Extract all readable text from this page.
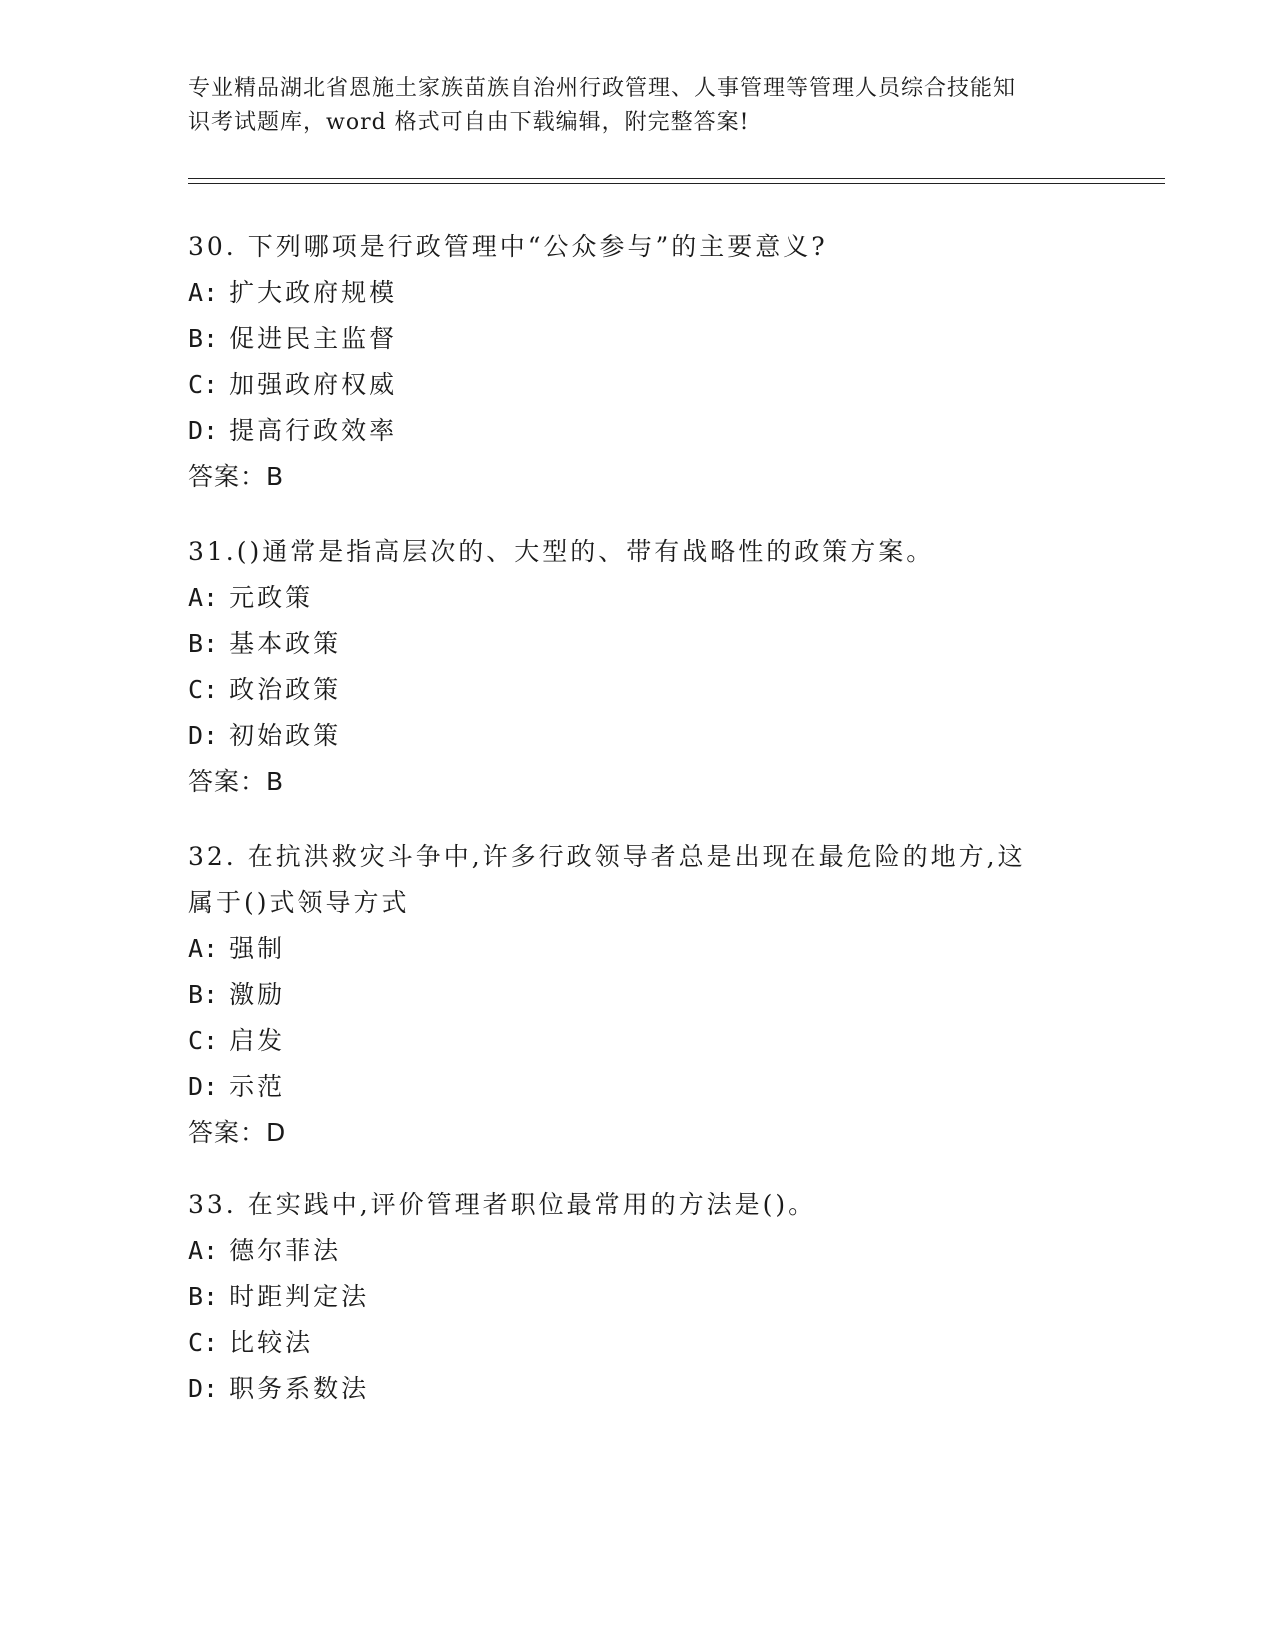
专业精品湖北省恩施土家族苗族自治州行政管理、人事管理等管理人员综合技能知
识考试题库，word 格式可自由下载编辑，附完整答案!
30. 下列哪项是行政管理中“公众参与”的主要意义?
A: 扩大政府规模
B: 促进民主监督
C: 加强政府权威
D: 提高行政效率
答案：B
31.()通常是指高层次的、大型的、带有战略性的政策方案。
A: 元政策
B: 基本政策
C: 政治政策
D: 初始政策
答案：B
32. 在抗洪救灾斗争中,许多行政领导者总是出现在最危险的地方,这
属于()式领导方式
A: 强制
B: 激励
C: 启发
D: 示范
答案：D
33. 在实践中,评价管理者职位最常用的方法是()。
A: 德尔菲法
B: 时距判定法
C: 比较法
D: 职务系数法
